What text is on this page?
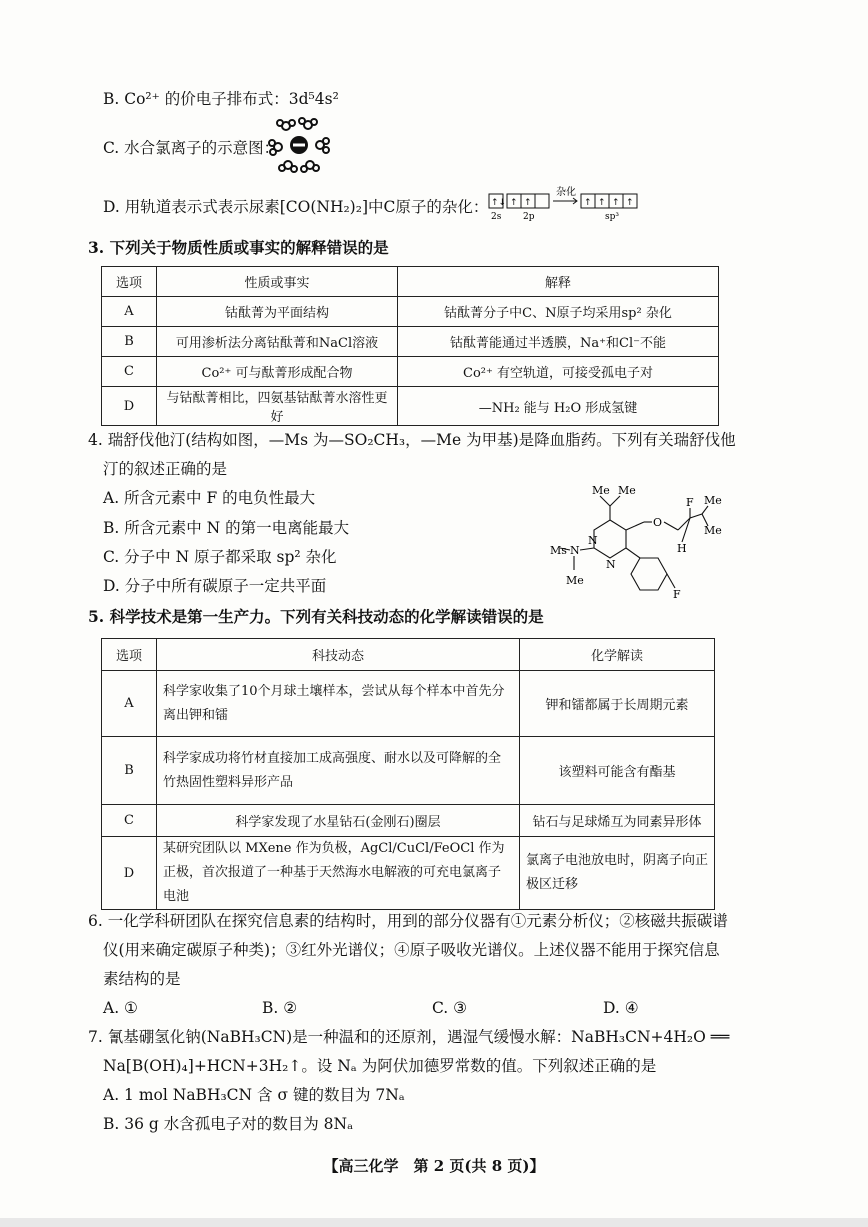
B. Co²⁺ 的价电子排布式：3d⁵4s²
C. 水合氯离子的示意图：
D. 用轨道表示式表示尿素[CO(NH₂)₂]中C原子的杂化： ↑↓ ↑ ↑	↑ ↑ ↑ ↑
2s 2p
杂化
sp³
3. 下列关于物质性质或事实的解释错误的是
选项	性质或事实	解释
A	钴酞菁为平面结构	钴酞菁分子中C、N原子均采用sp² 杂化
B	可用渗析法分离钴酞菁和NaCl溶液	钴酞菁能通过半透膜，Na⁺和Cl⁻不能
C	Co²⁺ 可与酞菁形成配合物	Co²⁺ 有空轨道，可接受孤电子对
D	与钴酞菁相比，四氨基钴酞菁水溶性更好	—NH₂ 能与 H₂O 形成氢键
4. 瑞舒伐他汀(结构如图，—Ms 为—SO₂CH₃，—Me 为甲基)是降血脂药。下列有关瑞舒伐他
汀的叙述正确的是
A. 所含元素中 F 的电负性最大
B. 所含元素中 N 的第一电离能最大
C. 分子中 N 原子都采取 sp² 杂化
D. 分子中所有碳原子一定共平面
Me Me
F Me
Me
O
H
Ms N
N
N
Me
F
5. 科学技术是第一生产力。下列有关科技动态的化学解读错误的是
选项	科技动态	化学解读
A	科学家收集了10个月球土壤样本，尝试从每个样本中首先分离出钾和镭	钾和镭都属于长周期元素
B	科学家成功将竹材直接加工成高强度、耐水以及可降解的全竹热固性塑料异形产品	该塑料可能含有酯基
C	科学家发现了水星钻石(金刚石)圈层	钻石与足球烯互为同素异形体
D	某研究团队以 MXene 作为负极，AgCl/CuCl/FeOCl 作为正极，首次报道了一种基于天然海水电解液的可充电氯离子电池	氯离子电池放电时，阴离子向正极区迁移
6. 一化学科研团队在探究信息素的结构时，用到的部分仪器有①元素分析仪；②核磁共振碳谱
仪(用来确定碳原子种类)；③红外光谱仪；④原子吸收光谱仪。上述仪器不能用于探究信息
素结构的是
A. ①	B. ②	C. ③	D. ④
7. 氰基硼氢化钠(NaBH₃CN)是一种温和的还原剂，遇湿气缓慢水解：NaBH₃CN+4H₂O ══
Na[B(OH)₄]+HCN+3H₂↑。设 Nₐ 为阿伏加德罗常数的值。下列叙述正确的是
A. 1 mol NaBH₃CN 含 σ 键的数目为 7Nₐ
B. 36 g 水含孤电子对的数目为 8Nₐ
【高三化学　第 2 页(共 8 页)】
